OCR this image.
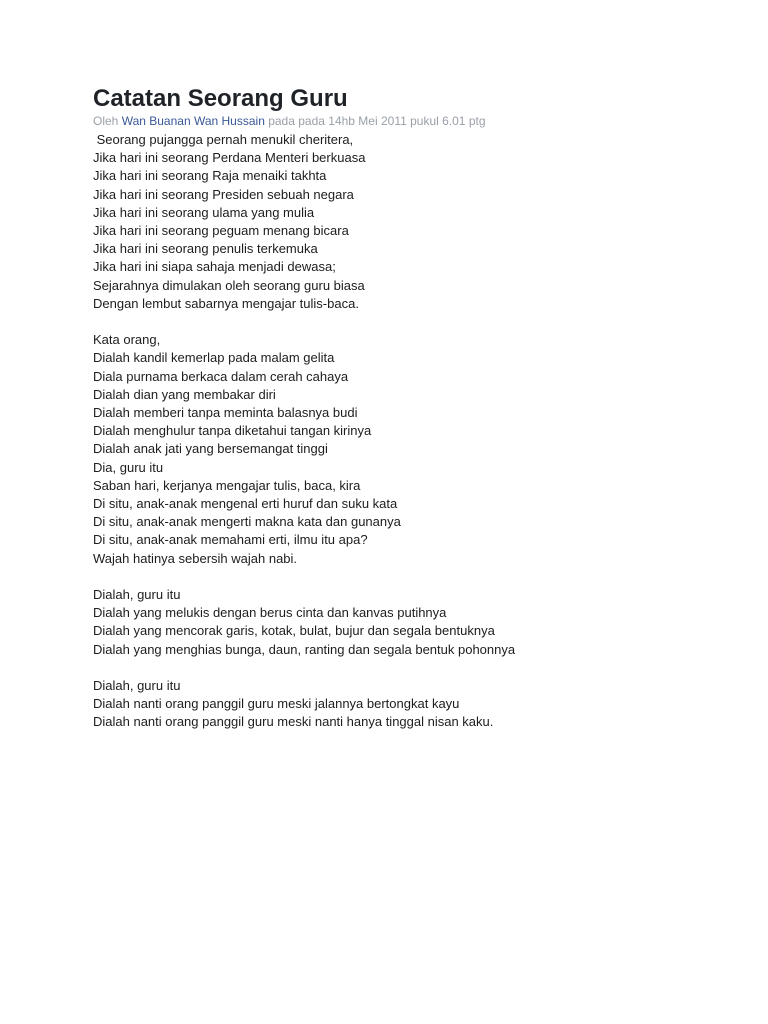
Catatan Seorang Guru

Oleh Wan Buanan Wan Hussain pada pada 14hb Mei 2011 pukul 6.01 ptg

Seorang pujangga pernah menukil cheritera,
Jika hari ini seorang Perdana Menteri berkuasa
Jika hari ini seorang Raja menaiki takhta
Jika hari ini seorang Presiden sebuah negara
Jika hari ini seorang ulama yang mulia
Jika hari ini seorang peguam menang bicara
Jika hari ini seorang penulis terkemuka
Jika hari ini siapa sahaja menjadi dewasa;
Sejarahnya dimulakan oleh seorang guru biasa
Dengan lembut sabarnya mengajar tulis-baca.
Kata orang,
Dialah kandil kemerlap pada malam gelita
Diala purnama berkaca dalam cerah cahaya
Dialah dian yang membakar diri
Dialah memberi tanpa meminta balasnya budi
Dialah menghulur tanpa diketahui tangan kirinya
Dialah anak jati yang bersemangat tinggi
Dia, guru itu
Saban hari, kerjanya mengajar tulis, baca, kira
Di situ, anak-anak mengenal erti huruf dan suku kata
Di situ, anak-anak mengerti makna kata dan gunanya
Di situ, anak-anak memahami erti, ilmu itu apa?
Wajah hatinya sebersih wajah nabi.
Dialah, guru itu
Dialah yang melukis dengan berus cinta dan kanvas putihnya
Dialah yang mencorak garis, kotak, bulat, bujur dan segala bentuknya
Dialah yang menghias bunga, daun, ranting dan segala bentuk pohonnya
Dialah, guru itu
Dialah nanti orang panggil guru meski jalannya bertongkat kayu
Dialah nanti orang panggil guru meski nanti hanya tinggal nisan kaku.
